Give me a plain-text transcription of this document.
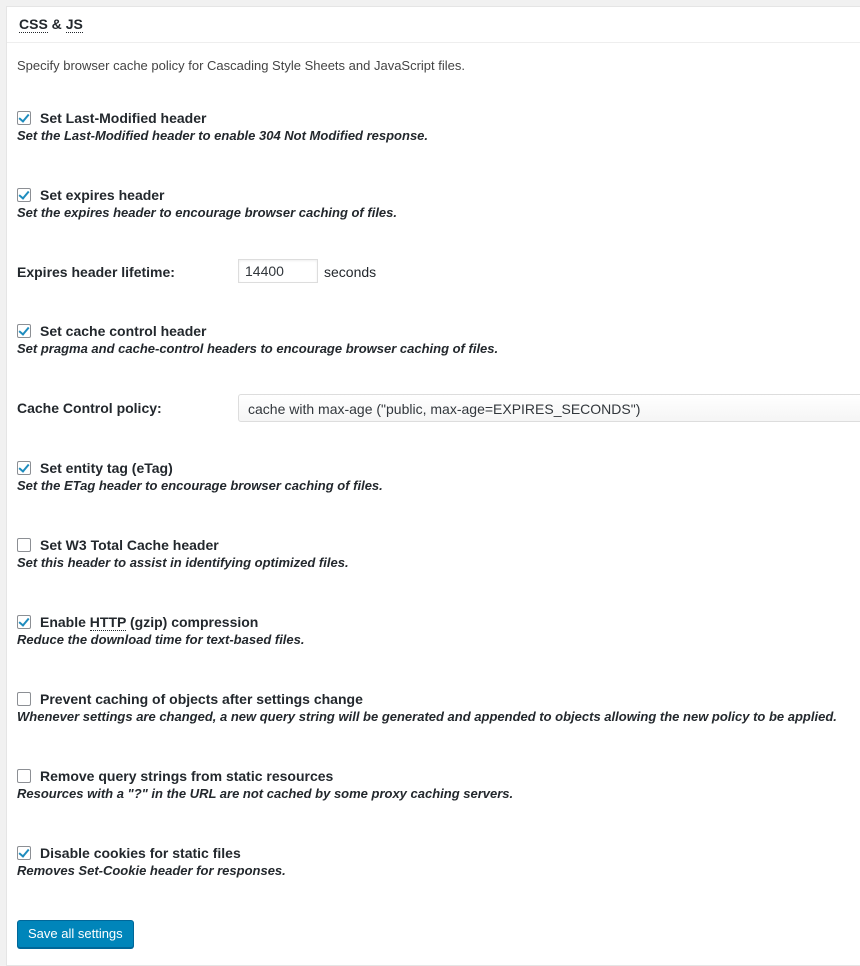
CSS & JS
Specify browser cache policy for Cascading Style Sheets and JavaScript files.
Set Last-Modified header
Set the Last-Modified header to enable 304 Not Modified response.
Set expires header
Set the expires header to encourage browser caching of files.
Expires header lifetime:
14400	seconds
Set cache control header
Set pragma and cache-control headers to encourage browser caching of files.
Cache Control policy:	cache with max-age ("public, max-age=EXPIRES_SECONDS")
Set entity tag (eTag)
Set the ETag header to encourage browser caching of files.
Set W3 Total Cache header
Set this header to assist in identifying optimized files.
Enable HTTP (gzip) compression
Reduce the download time for text-based files.
Prevent caching of objects after settings change
Whenever settings are changed, a new query string will be generated and appended to objects allowing the new policy to be applied.
Remove query strings from static resources
Resources with a "?" in the URL are not cached by some proxy caching servers.
Disable cookies for static files
Removes Set-Cookie header for responses.
Save all settings
